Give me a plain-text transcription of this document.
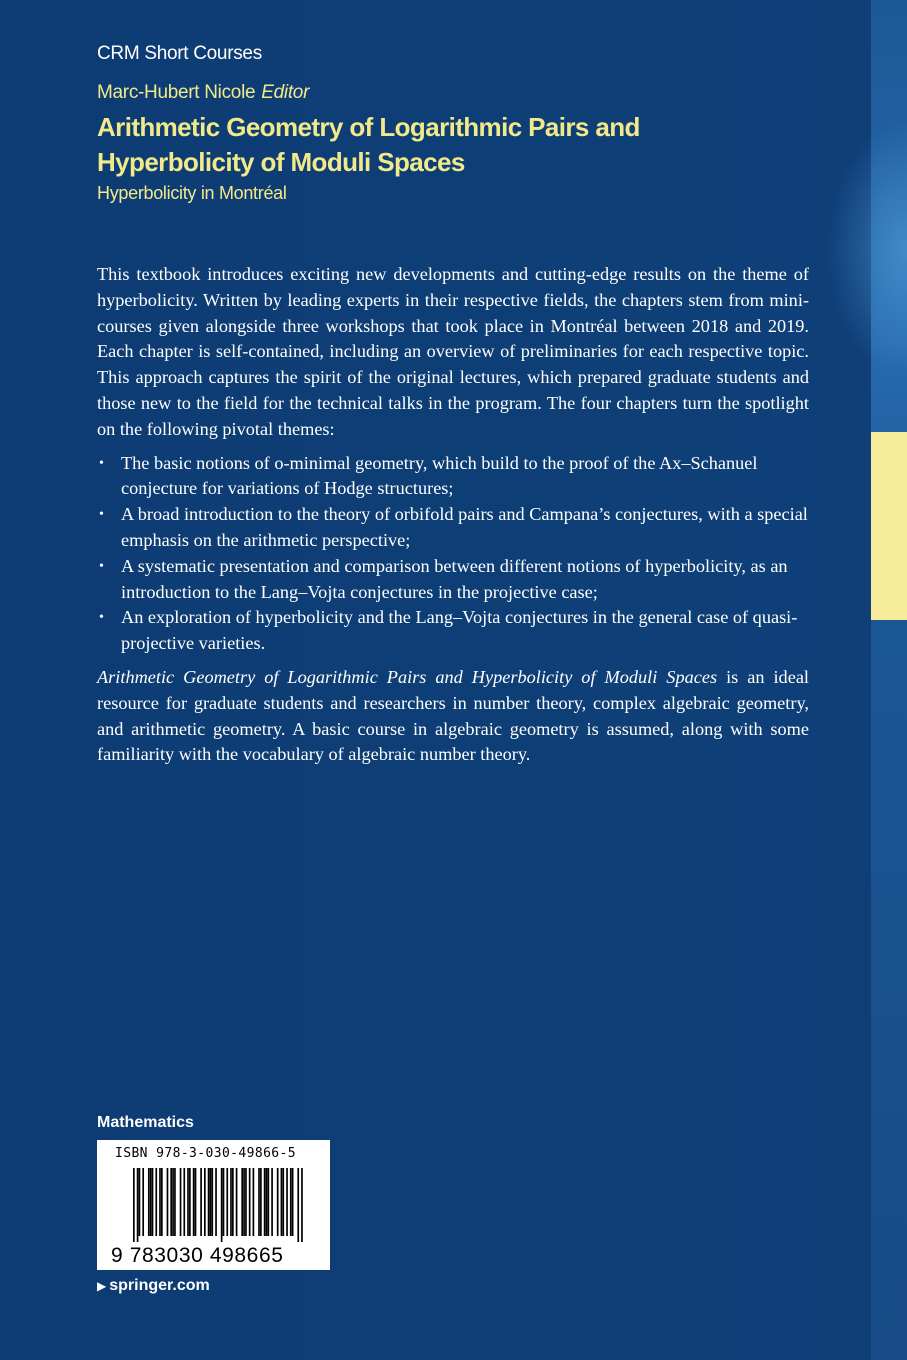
CRM Short Courses
Marc-Hubert Nicole Editor
Arithmetic Geometry of Logarithmic Pairs and Hyperbolicity of Moduli Spaces
Hyperbolicity in Montréal

This textbook introduces exciting new developments and cutting-edge results on the theme of hyperbolicity. Written by leading experts in their respective fields, the chapters stem from mini-courses given alongside three workshops that took place in Montréal between 2018 and 2019. Each chapter is self-contained, including an overview of preliminaries for each respective topic. This approach captures the spirit of the original lectures, which prepared graduate students and those new to the field for the technical talks in the program. The four chapters turn the spotlight on the following pivotal themes:

• The basic notions of o-minimal geometry, which build to the proof of the Ax–Schanuel conjecture for variations of Hodge structures;
• A broad introduction to the theory of orbifold pairs and Campana’s conjectures, with a special emphasis on the arithmetic perspective;
• A systematic presentation and comparison between different notions of hyperbolicity, as an introduction to the Lang–Vojta conjectures in the projective case;
• An exploration of hyperbolicity and the Lang–Vojta conjectures in the general case of quasi-projective varieties.

Arithmetic Geometry of Logarithmic Pairs and Hyperbolicity of Moduli Spaces is an ideal resource for graduate students and researchers in number theory, complex algebraic geometry, and arithmetic geometry. A basic course in algebraic geometry is assumed, along with some familiarity with the vocabulary of algebraic number theory.

Mathematics
ISBN 978-3-030-49866-5
9 783030 498665
▶ springer.com
